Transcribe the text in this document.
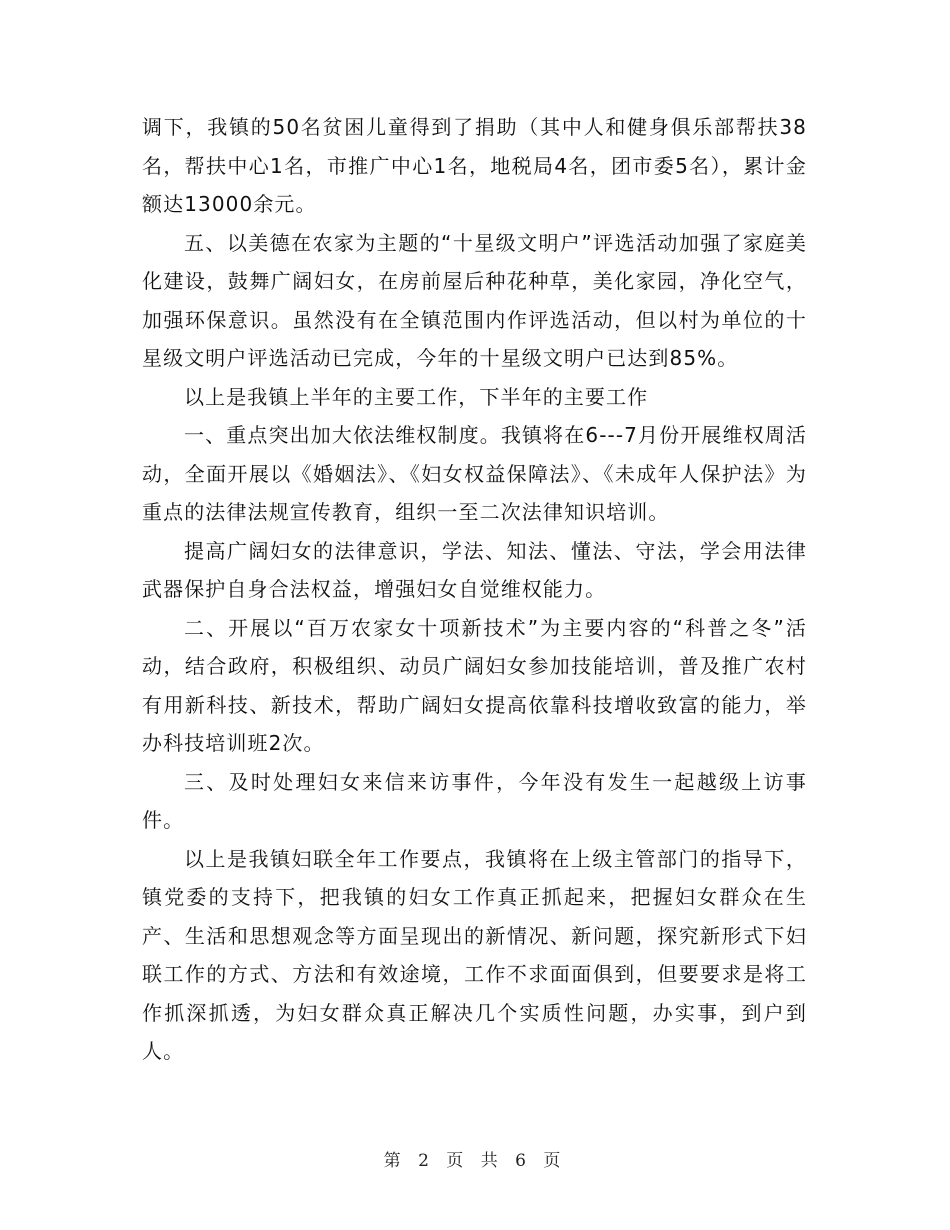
调下，我镇的50名贫困儿童得到了捐助（其中人和健身俱乐部帮扶38名，帮扶中心1名，市推广中心1名，地税局4名，团市委5名），累计金额达13000余元。

五、以美德在农家为主题的“十星级文明户”评选活动加强了家庭美化建设，鼓舞广阔妇女，在房前屋后种花种草，美化家园，净化空气，加强环保意识。虽然没有在全镇范围内作评选活动，但以村为单位的十星级文明户评选活动已完成，今年的十星级文明户已达到85%。

以上是我镇上半年的主要工作，下半年的主要工作

一、重点突出加大依法维权制度。我镇将在6---7月份开展维权周活动，全面开展以《婚姻法》、《妇女权益保障法》、《未成年人保护法》为重点的法律法规宣传教育，组织一至二次法律知识培训。

提高广阔妇女的法律意识，学法、知法、懂法、守法，学会用法律武器保护自身合法权益，增强妇女自觉维权能力。

二、开展以“百万农家女十项新技术”为主要内容的“科普之冬”活动，结合政府，积极组织、动员广阔妇女参加技能培训，普及推广农村有用新科技、新技术，帮助广阔妇女提高依靠科技增收致富的能力，举办科技培训班2次。

三、及时处理妇女来信来访事件，今年没有发生一起越级上访事件。

以上是我镇妇联全年工作要点，我镇将在上级主管部门的指导下，镇党委的支持下，把我镇的妇女工作真正抓起来，把握妇女群众在生产、生活和思想观念等方面呈现出的新情况、新问题，探究新形式下妇联工作的方式、方法和有效途境，工作不求面面俱到，但要要求是将工作抓深抓透，为妇女群众真正解决几个实质性问题，办实事，到户到人。

第 2 页 共 6 页
